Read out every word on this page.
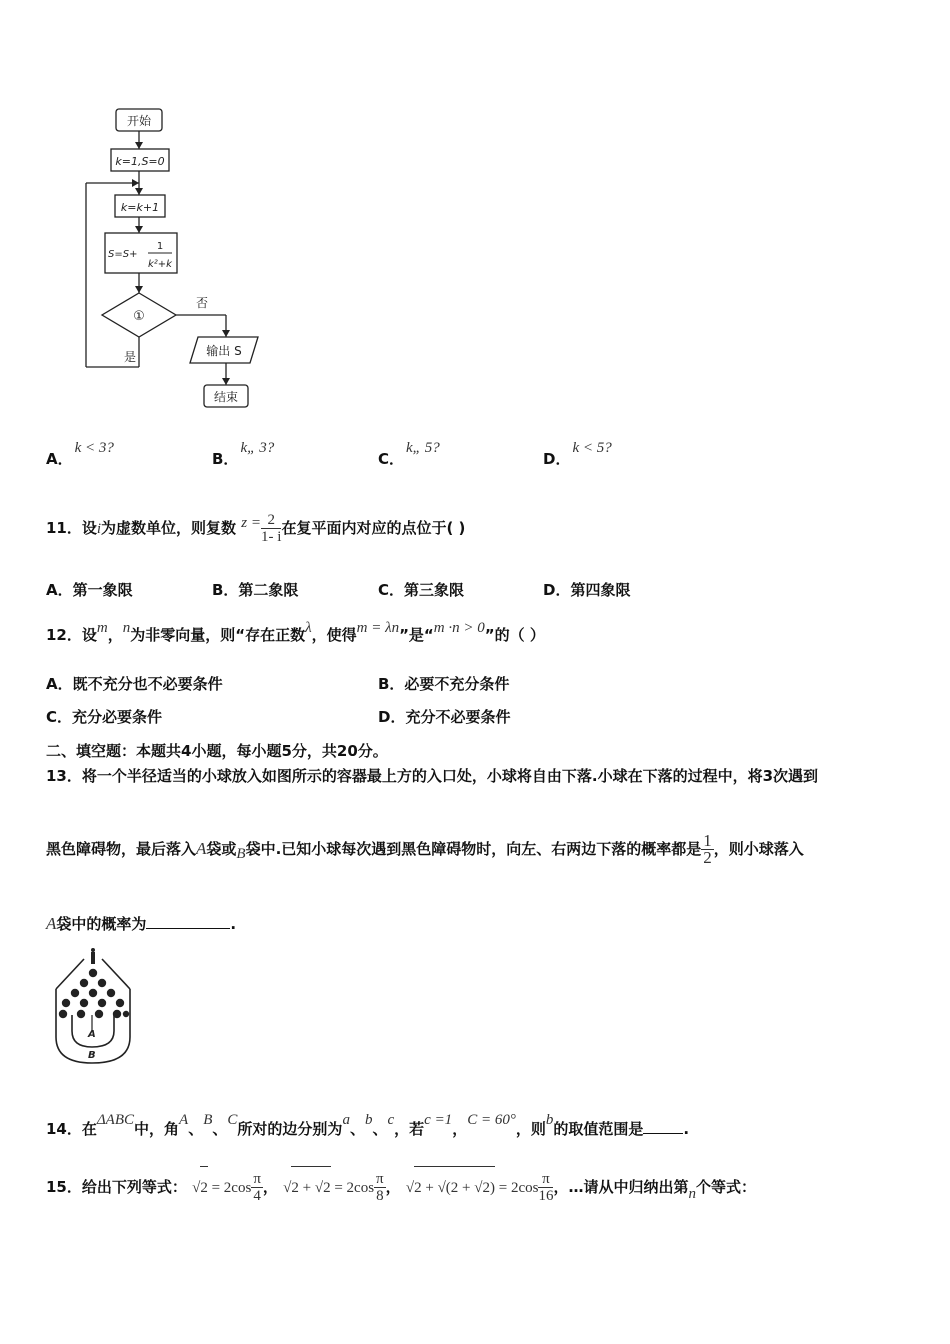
开始
k=1,S=0
k=k+1
S=S+
1
k²+k
①
否
是	输出 S
结束
A．k < 3?
B．k„ 3?
C．k„ 5?
D．k < 5?
11．设i为虚数单位，则复数 $z = \frac{2}{1- i}$ 在复平面内对应的点位于( )
A．第一象限	B．第二象限	C．第三象限	D．第四象限
12．设m，n为非零向量，则“存在正数λ，使得m = λn”是“m ·n > 0”的（ ）
A．既不充分也不必要条件	B．必要不充分条件
C．充分必要条件	D．充分不必要条件
二、填空题：本题共4小题，每小题5分，共20分。
13．将一个半径适当的小球放入如图所示的容器最上方的入口处，小球将自由下落.小球在下落的过程中，将3次遇到
黑色障碍物，最后落入A袋或B袋中.已知小球每次遇到黑色障碍物时，向左、右两边下落的概率都是 $\frac{1}{2}$ ，则小球落入
A袋中的概率为	.
A
B
14．在ΔABC中，角A、B、C所对的边分别为a、b、c，若c =1，C = 60°，则b的取值范围是	.
15．给出下列等式： $√2 = 2\cos \frac{\pi}{4}$ ， $√2 + √2 = 2\cos \frac{\pi}{8}$ ， $√2 + √(2 + √2) = 2\cos \frac{\pi}{16}$ ，…请从中归纳出第n个等式：
